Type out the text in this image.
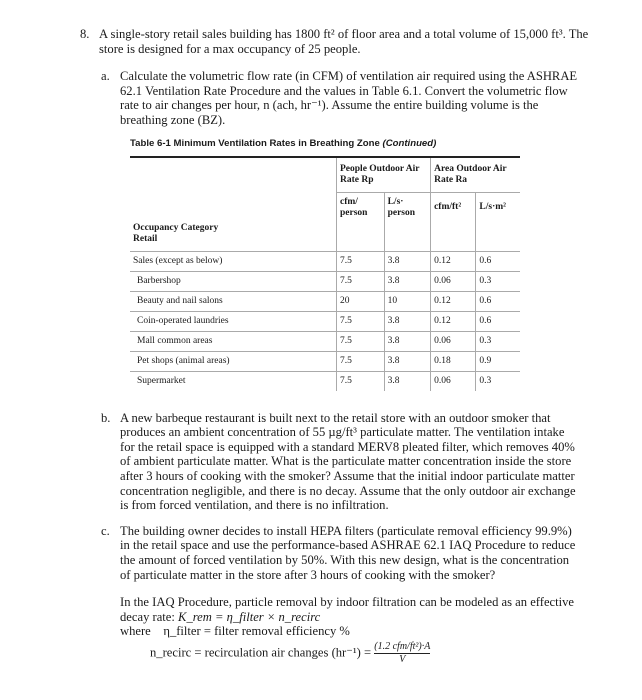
8. A single-story retail sales building has 1800 ft² of floor area and a total volume of 15,000 ft³. The store is designed for a max occupancy of 25 people.
a. Calculate the volumetric flow rate (in CFM) of ventilation air required using the ASHRAE 62.1 Ventilation Rate Procedure and the values in Table 6.1. Convert the volumetric flow rate to air changes per hour, n (ach, hr⁻¹). Assume the entire building volume is the breathing zone (BZ).
Table 6-1 Minimum Ventilation Rates in Breathing Zone (Continued)
	People Outdoor Air Rate Rp		Area Outdoor Air Rate Ra	
	cfm/ person	L/s· person	cfm/ft²	L/s·m²

Occupancy Category
Retail				

Sales (except as below)	7.5	3.8	0.12	0.6
Barbershop	7.5	3.8	0.06	0.3
Beauty and nail salons	20	10	0.12	0.6
Coin-operated laundries	7.5	3.8	0.12	0.6
Mall common areas	7.5	3.8	0.06	0.3
Pet shops (animal areas)	7.5	3.8	0.18	0.9
Supermarket	7.5	3.8	0.06	0.3
b. A new barbeque restaurant is built next to the retail store with an outdoor smoker that produces an ambient concentration of 55 µg/ft³ particulate matter. The ventilation intake for the retail space is equipped with a standard MERV8 pleated filter, which removes 40% of ambient particulate matter. What is the particulate matter concentration inside the store after 3 hours of cooking with the smoker? Assume that the initial indoor particulate matter concentration negligible, and there is no decay. Assume that the only outdoor air exchange is from forced ventilation, and there is no infiltration.
c. The building owner decides to install HEPA filters (particulate removal efficiency 99.9%) in the retail space and use the performance-based ASHRAE 62.1 IAQ Procedure to reduce the amount of forced ventilation by 50%. With this new design, what is the concentration of particulate matter in the store after 3 hours of cooking with the smoker?
In the IAQ Procedure, particle removal by indoor filtration can be modeled as an effective decay rate: K_rem = η_filter × n_recirc
where η_filter = filter removal efficiency %
n_recirc = recirculation air changes $(hr^{-1}) = \frac{\text{(1.2 cfm/ft²)·A}}{V}$
